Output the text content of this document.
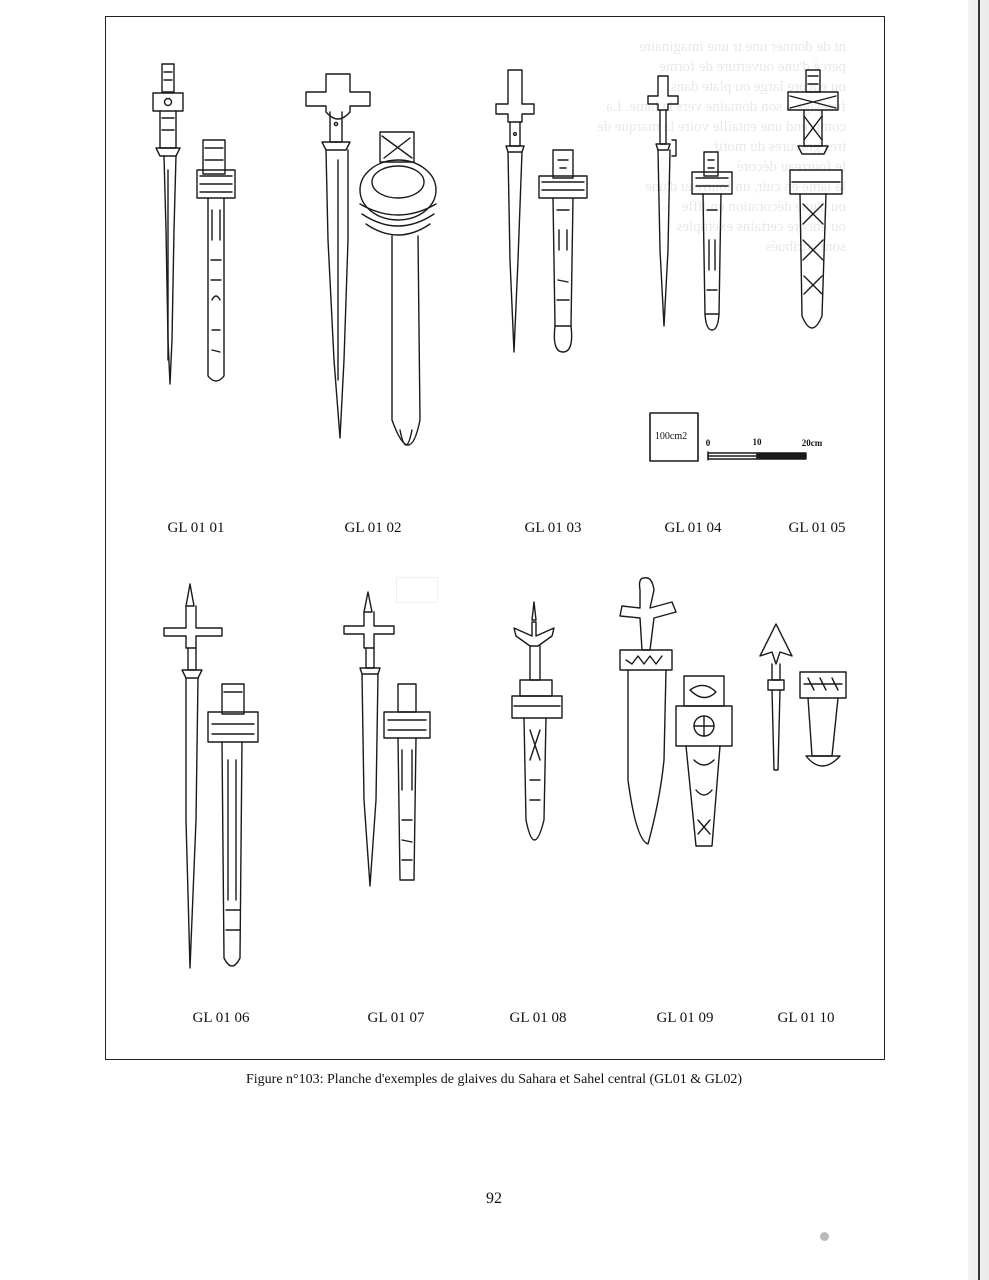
nt de donner une tr une imaginaire
percé d'une ouverture de forme
ou encore large ou plate dans
fuselage à son domaine vers la lame. La
comprend une entaille voire la marque de
tres gravures du motif
le fourreau décoré
la lame en cuir, un fourreau d'une
ou d'une décoration en iffle
ou encore certains exemples
sont attribués
100cm2
0	10	20cm
GL 01 01	GL 01 02	GL 01 03	GL 01 04	GL 01 05
GL 01 06	GL 01 07	GL 01 08	GL 01 09	GL 01 10
Figure n°103: Planche d'exemples de glaives du Sahara et Sahel central (GL01 & GL02)
92
